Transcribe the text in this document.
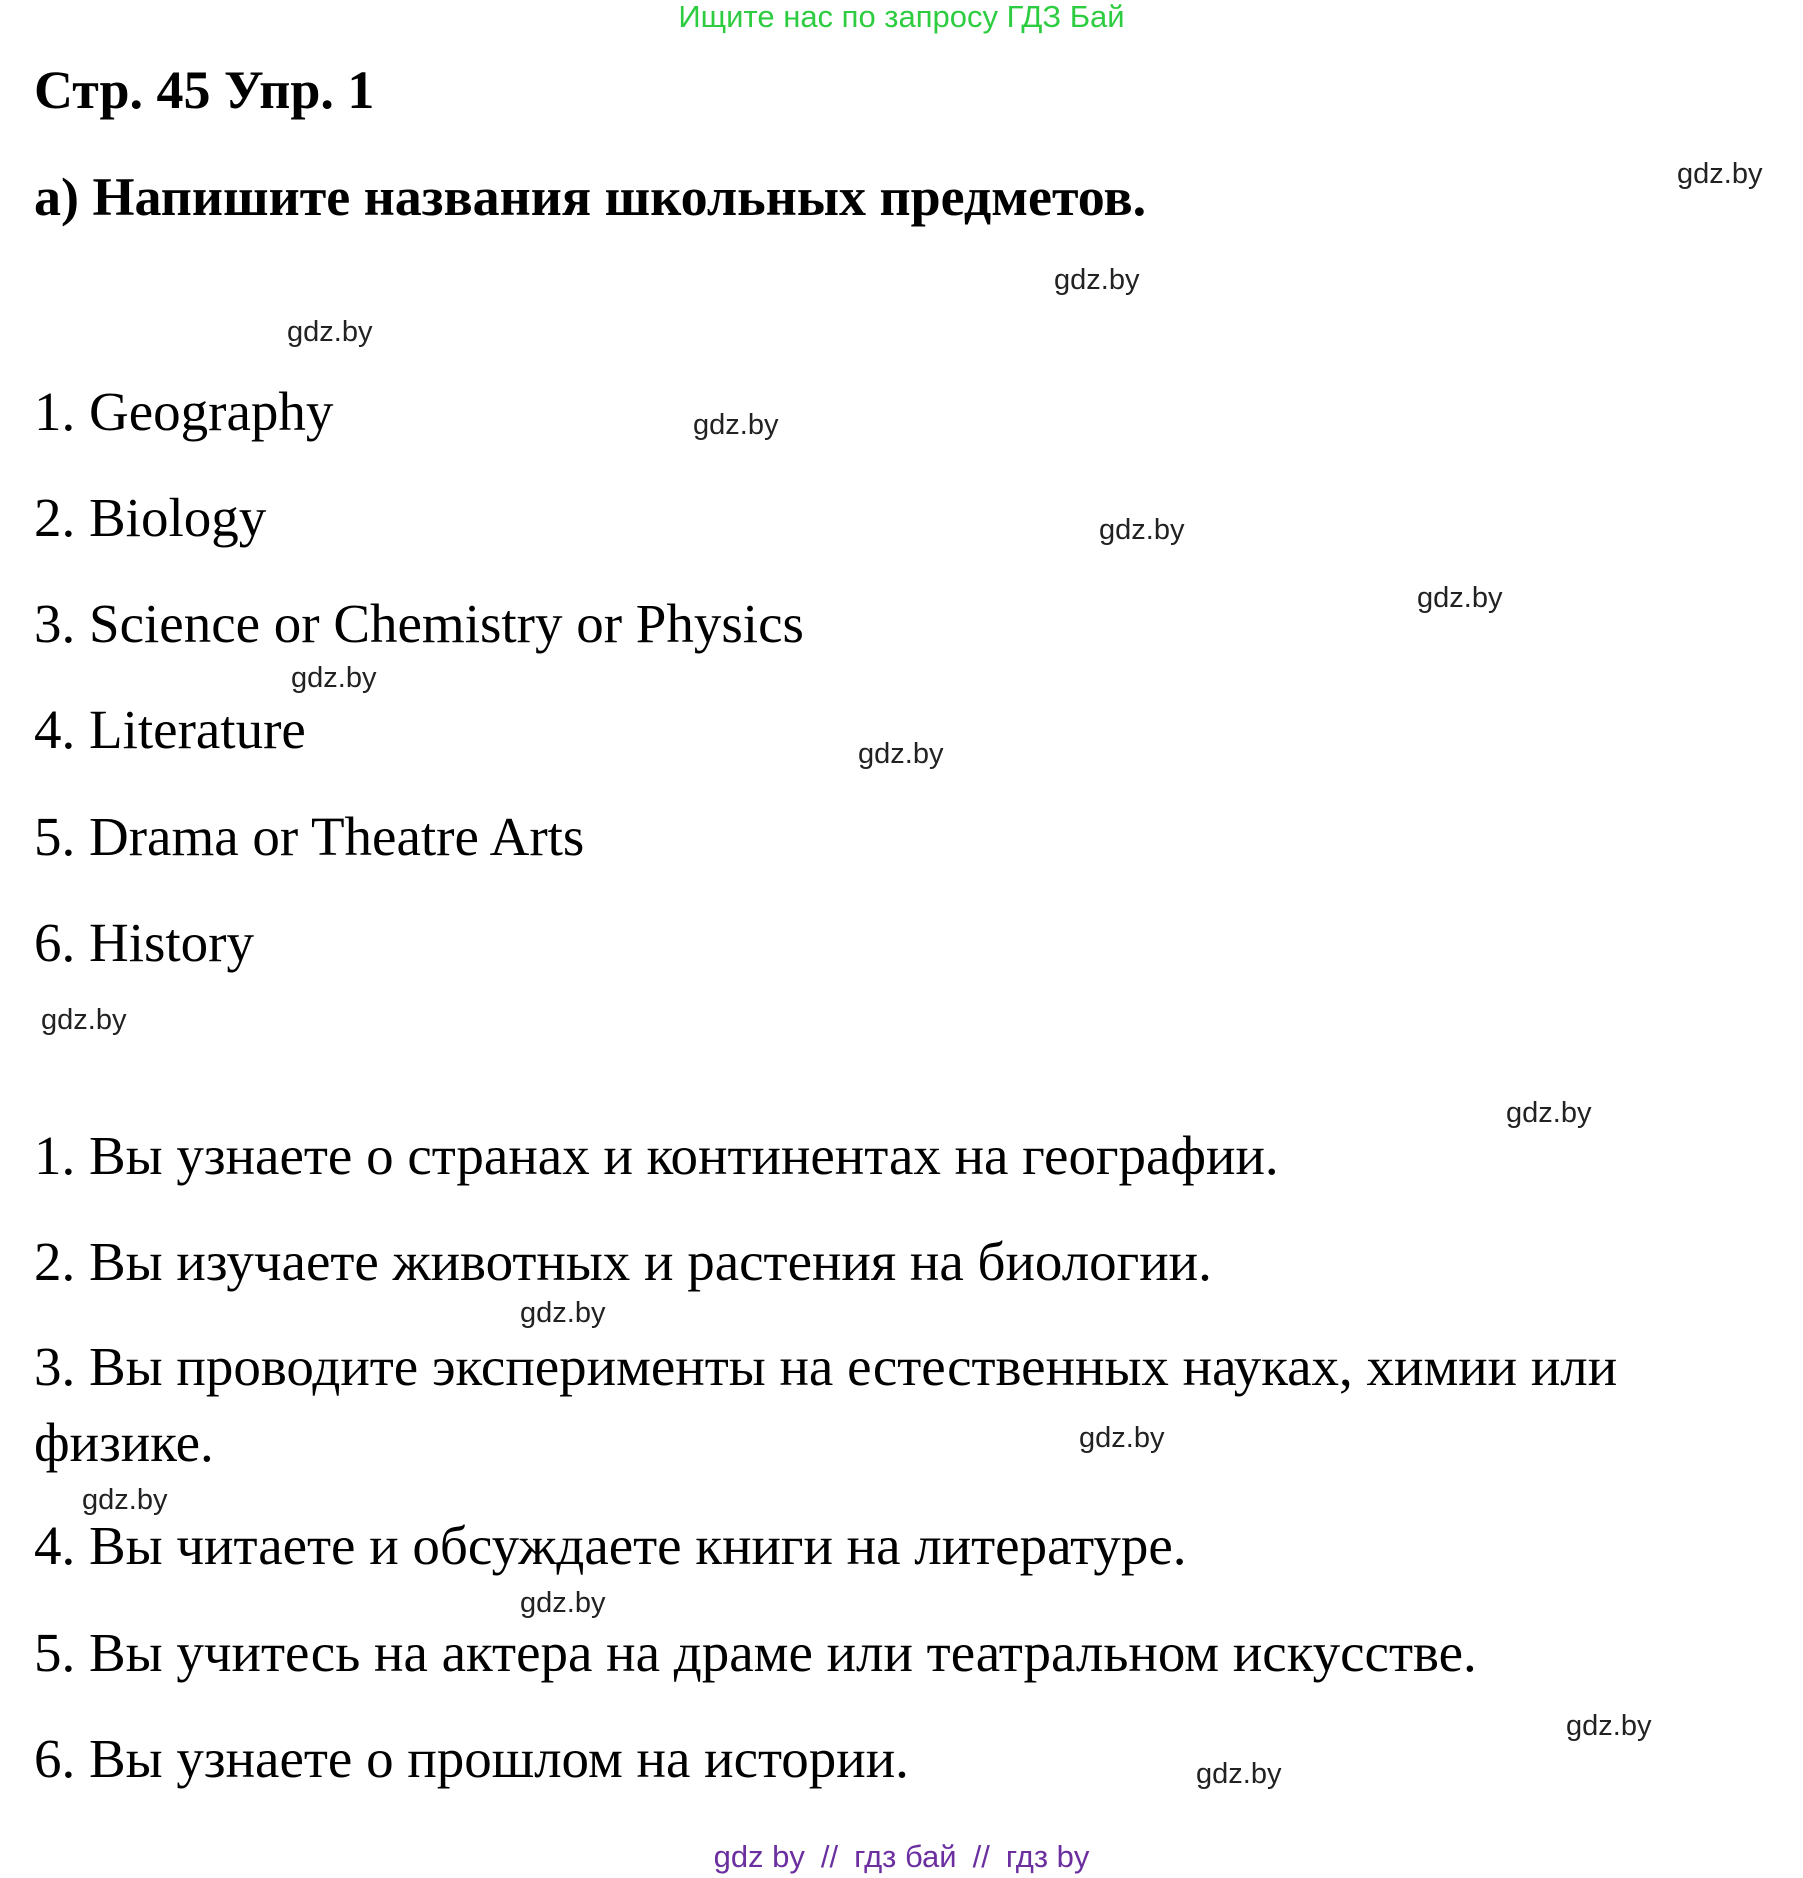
Ищите нас по запросу ГДЗ Бай
Стр. 45 Упр. 1
а) Напишите названия школьных предметов.
1. Geography
2. Biology
3. Science or Chemistry or Physics
4. Literature
5. Drama or Theatre Arts
6. History
1. Вы узнаете о странах и континентах на географии.
2. Вы изучаете животных и растения на биологии.
3. Вы проводите эксперименты на естественных науках, химии или физике.
4. Вы читаете и обсуждаете книги на литературе.
5. Вы учитесь на актера на драме или театральном искусстве.
6. Вы узнаете о прошлом на истории.
gdz.by
gdz.by
gdz.by
gdz.by
gdz.by
gdz.by
gdz.by
gdz.by
gdz.by
gdz.by
gdz.by
gdz.by
gdz.by
gdz.by
gdz.by
gdz.by
gdz by // гдз бай // гдз by
